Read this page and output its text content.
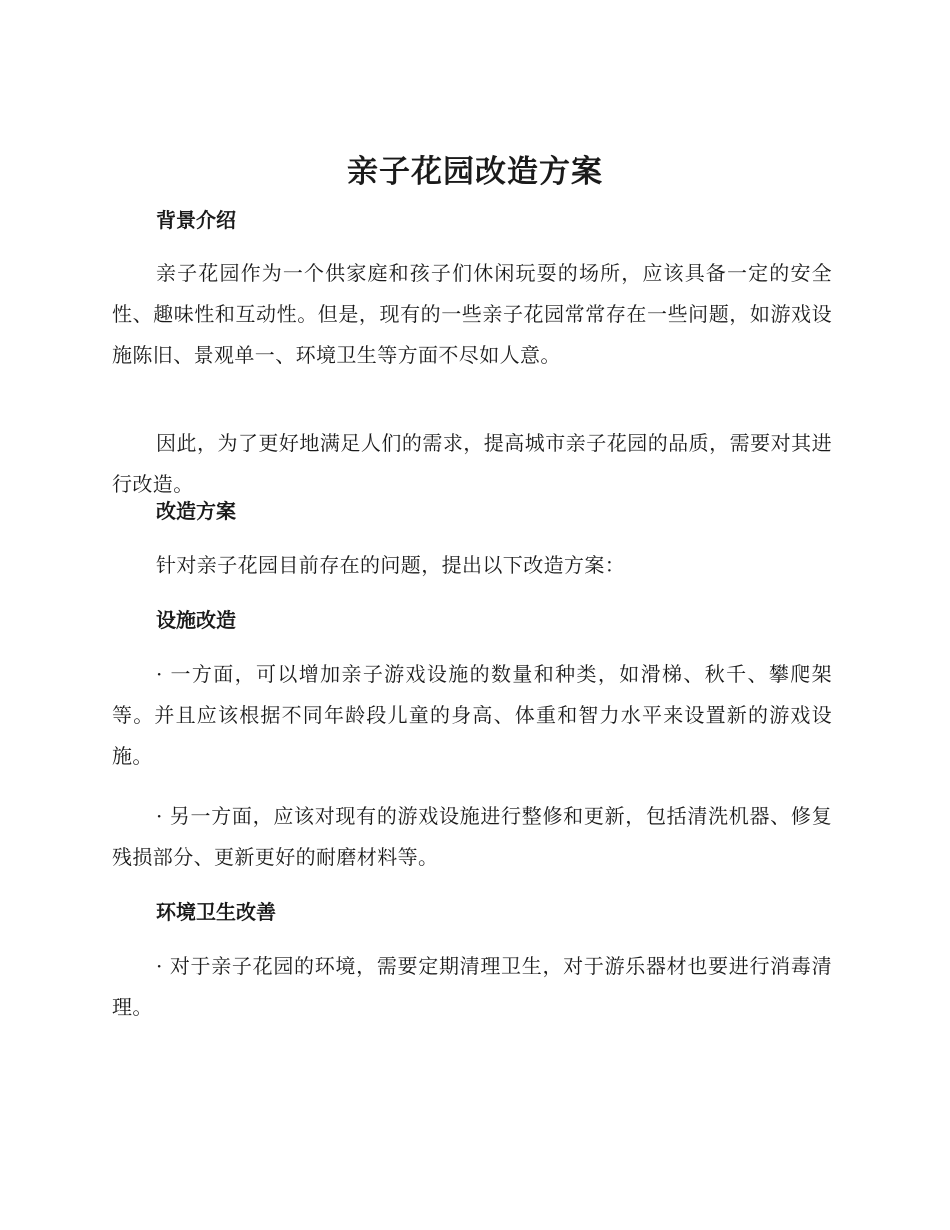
亲子花园改造方案
背景介绍

亲子花园作为一个供家庭和孩子们休闲玩耍的场所，应该具备一定的安全性、趣味性和互动性。但是，现有的一些亲子花园常常存在一些问题，如游戏设施陈旧、景观单一、环境卫生等方面不尽如人意。

因此，为了更好地满足人们的需求，提高城市亲子花园的品质，需要对其进行改造。

改造方案

针对亲子花园目前存在的问题，提出以下改造方案：

设施改造

· 一方面，可以增加亲子游戏设施的数量和种类，如滑梯、秋千、攀爬架等。并且应该根据不同年龄段儿童的身高、体重和智力水平来设置新的游戏设施。

· 另一方面，应该对现有的游戏设施进行整修和更新，包括清洗机器、修复残损部分、更新更好的耐磨材料等。

环境卫生改善

· 对于亲子花园的环境，需要定期清理卫生，对于游乐器材也要进行消毒清理。
